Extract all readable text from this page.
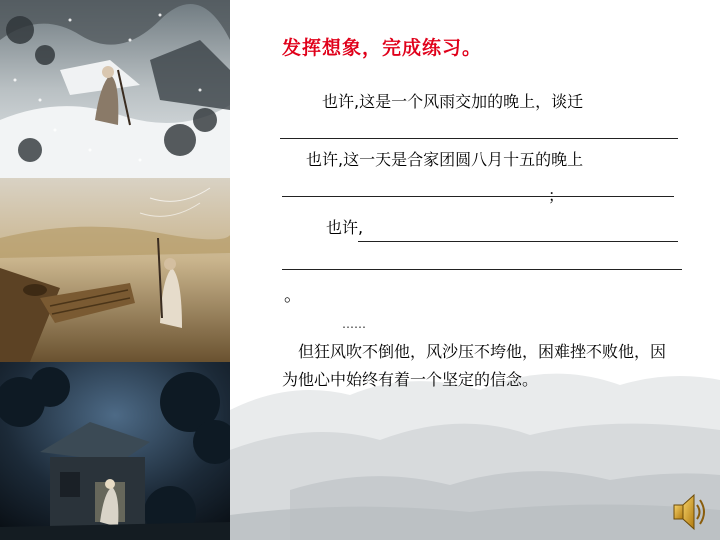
发挥想象，完成练习。
也许,这是一个风雨交加的晚上，谈迁
也许,这一天是合家团圆八月十五的晚上
；
也许,
。
……
　但狂风吹不倒他，风沙压不垮他，困难挫不败他，因为他心中始终有着一个坚定的信念。
